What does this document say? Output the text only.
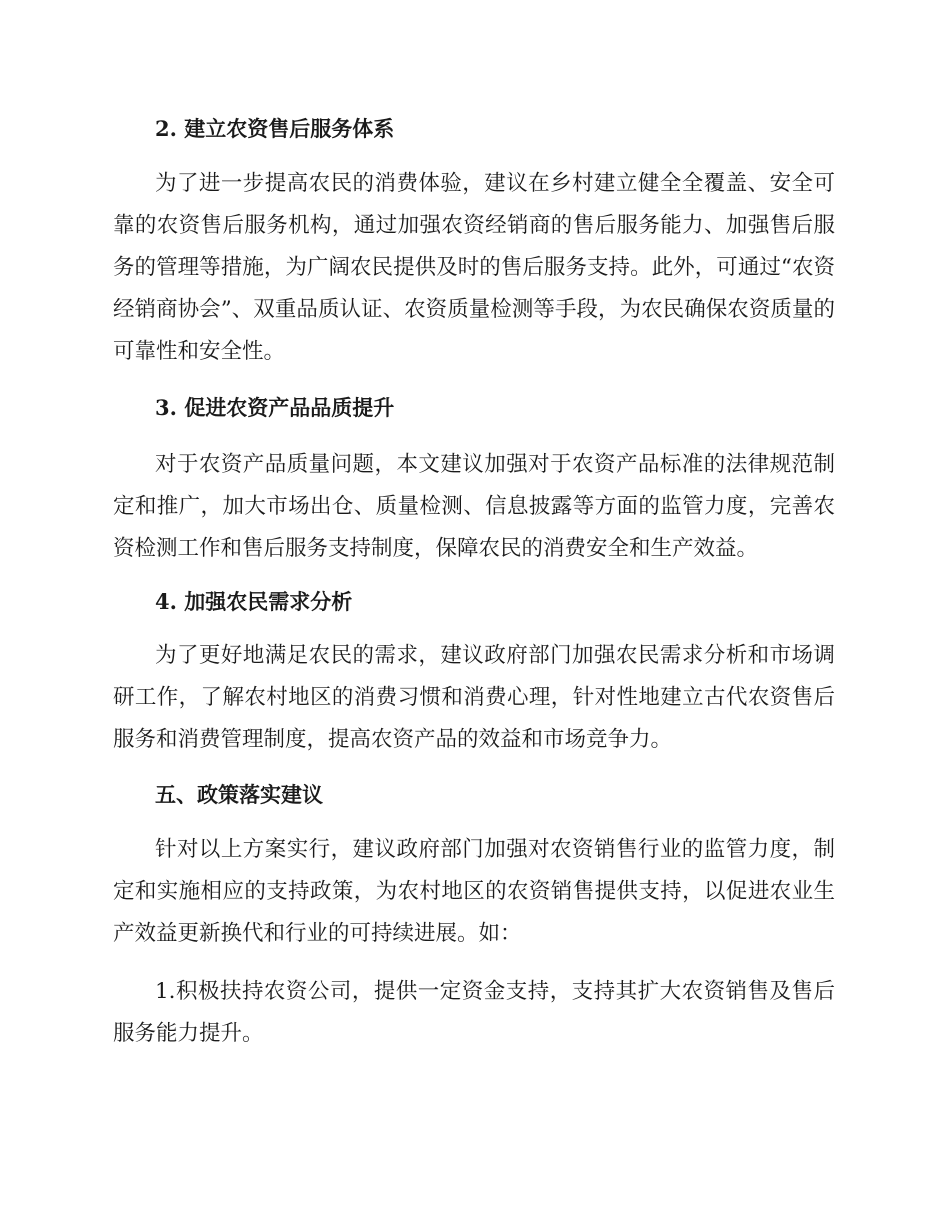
2. 建立农资售后服务体系
为了进一步提高农民的消费体验，建议在乡村建立健全全覆盖、安全可靠的农资售后服务机构，通过加强农资经销商的售后服务能力、加强售后服务的管理等措施，为广阔农民提供及时的售后服务支持。此外，可通过“农资经销商协会”、双重品质认证、农资质量检测等手段，为农民确保农资质量的可靠性和安全性。
3. 促进农资产品品质提升
对于农资产品质量问题，本文建议加强对于农资产品标准的法律规范制定和推广，加大市场出仓、质量检测、信息披露等方面的监管力度，完善农资检测工作和售后服务支持制度，保障农民的消费安全和生产效益。
4. 加强农民需求分析
为了更好地满足农民的需求，建议政府部门加强农民需求分析和市场调研工作，了解农村地区的消费习惯和消费心理，针对性地建立古代农资售后服务和消费管理制度，提高农资产品的效益和市场竞争力。
五、政策落实建议
针对以上方案实行，建议政府部门加强对农资销售行业的监管力度，制定和实施相应的支持政策，为农村地区的农资销售提供支持，以促进农业生产效益更新换代和行业的可持续进展。如：
1.积极扶持农资公司，提供一定资金支持，支持其扩大农资销售及售后服务能力提升。
